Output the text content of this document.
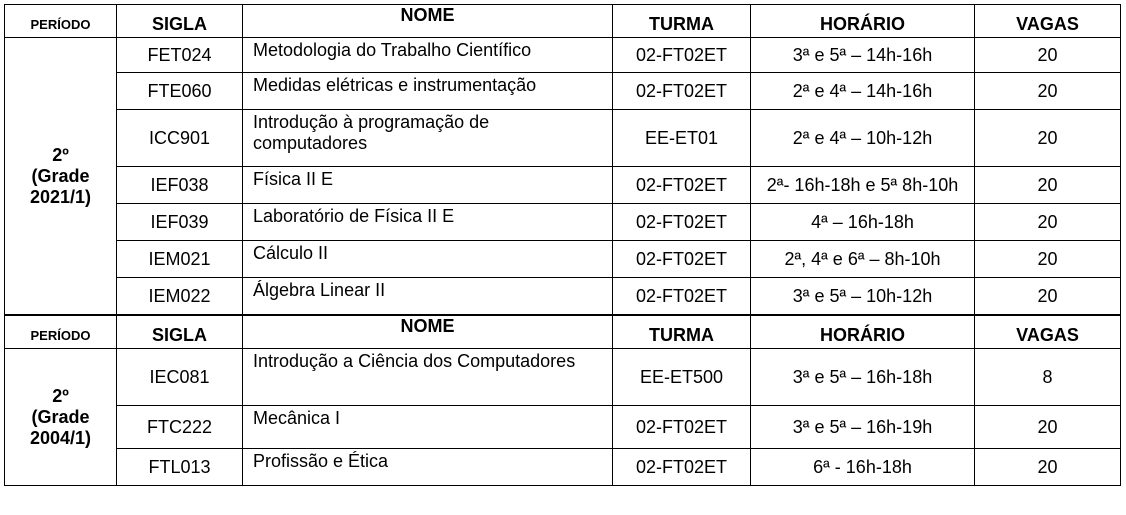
PERÍODO	SIGLA	NOME	TURMA	HORÁRIO	VAGAS

2º
(Grade
2021/1)	FET024	Metodologia do Trabalho Científico	02-FT02ET	3ª e 5ª – 14h-16h	20
	FTE060	Medidas elétricas e instrumentação	02-FT02ET	2ª e 4ª – 14h-16h	20
	ICC901	Introdução à programação de computadores	EE-ET01	2ª e 4ª – 10h-12h	20
	IEF038	Física II E	02-FT02ET	2ª- 16h-18h e 5ª 8h-10h	20
	IEF039	Laboratório de Física II E	02-FT02ET	4ª – 16h-18h	20
	IEM021	Cálculo II	02-FT02ET	2ª, 4ª e 6ª – 8h-10h	20
	IEM022	Álgebra Linear II	02-FT02ET	3ª e 5ª – 10h-12h	20
PERÍODO	SIGLA	NOME	TURMA	HORÁRIO	VAGAS

2º
(Grade
2004/1)	IEC081	Introdução a Ciência dos Computadores	EE-ET500	3ª e 5ª – 16h-18h	8
	FTC222	Mecânica I	02-FT02ET	3ª e 5ª – 16h-19h	20
	FTL013	Profissão e Ética	02-FT02ET	6ª - 16h-18h	20
